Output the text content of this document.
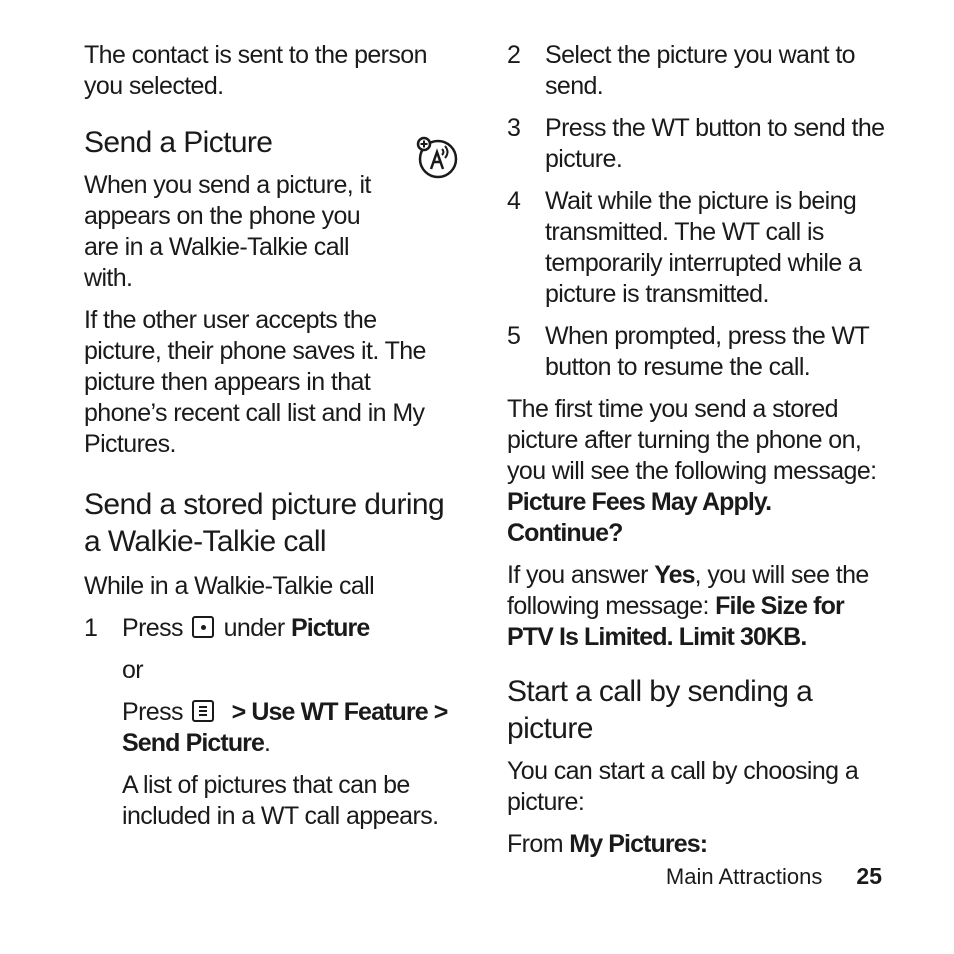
The contact is sent to the person you selected.

Send a Picture

When you send a picture, it appears on the phone you are in a Walkie-Talkie call with.

If the other user accepts the picture, their phone saves it. The picture then appears in that phone’s recent call list and in My Pictures.

Send a stored picture during a Walkie-Talkie call

While in a Walkie-Talkie call

1 Press under Picture

or

Press > Use WT Feature >
Send Picture.

A list of pictures that can be included in a WT call appears.

2 Select the picture you want to send.

3 Press the WT button to send the picture.

4 Wait while the picture is being transmitted. The WT call is temporarily interrupted while a picture is transmitted.

5 When prompted, press the WT button to resume the call.

The first time you send a stored picture after turning the phone on, you will see the following message: Picture Fees May Apply. Continue?

If you answer Yes, you will see the following message: File Size for PTV Is Limited. Limit 30KB.

Start a call by sending a picture

You can start a call by choosing a picture:

From My Pictures:

Main Attractions 25
